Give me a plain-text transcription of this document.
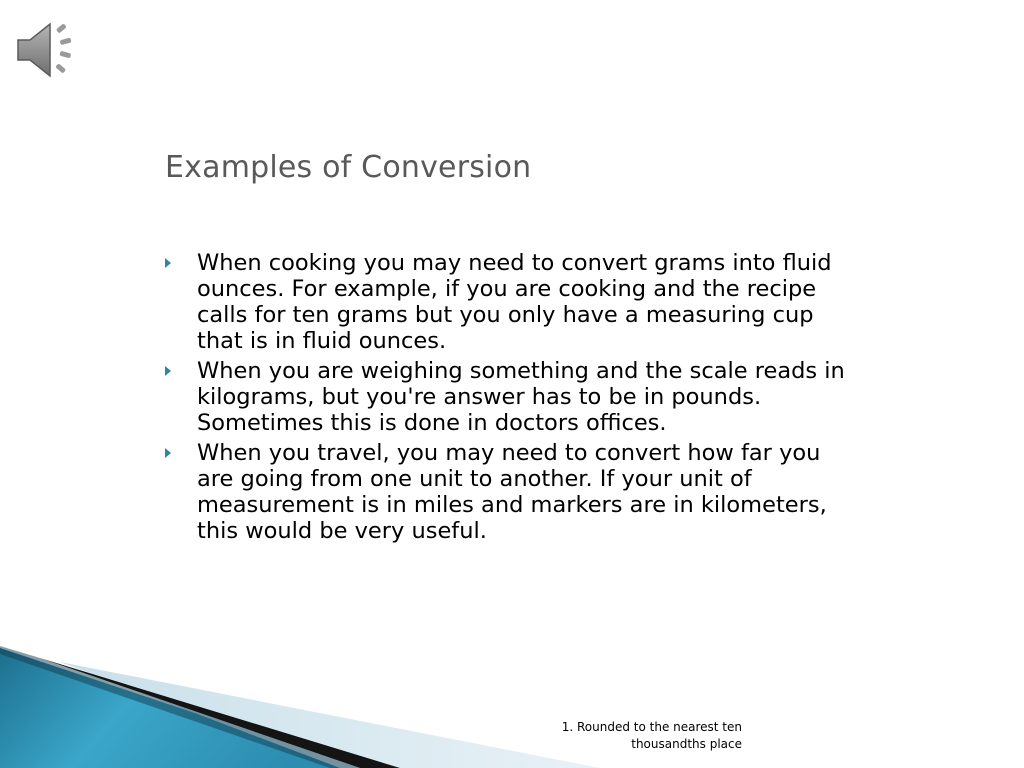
Examples of Conversion
When cooking you may need to convert grams into fluid ounces. For example, if you are cooking and the recipe calls for ten grams but you only have a measuring cup that is in fluid ounces.
When you are weighing something and the scale reads in kilograms, but you're answer has to be in pounds. Sometimes this is done in doctors offices.
When you travel, you may need to convert how far you are going from one unit to another. If your unit of measurement is in miles and markers are in kilometers, this would be very useful.

1. Rounded to the nearest ten thousandths place
